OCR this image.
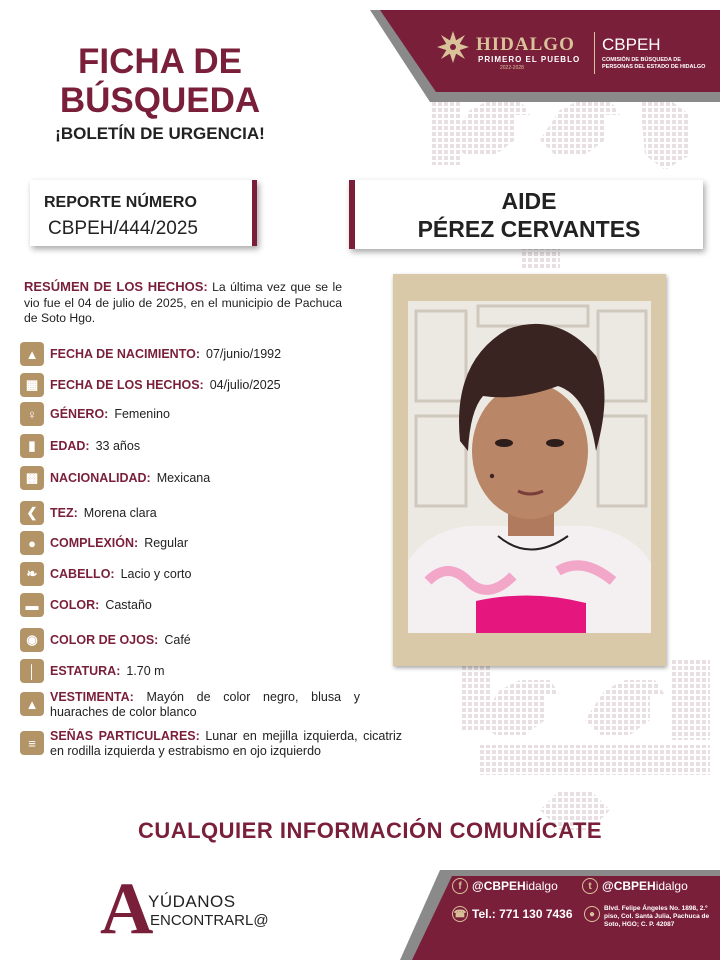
HIDALGO
PRIMERO EL PUEBLO
2022-2028
CBPEH
COMISIÓN DE BÚSQUEDA DE PERSONAS DEL ESTADO DE HIDALGO
FICHA DE
BÚSQUEDA
¡BOLETÍN DE URGENCIA!
REPORTE NÚMERO
CBPEH/444/2025
AIDE
PÉREZ CERVANTES
RESÚMEN DE LOS HECHOS: La última vez que se le vio fue el 04 de julio de 2025, en el municipio de Pachuca de Soto Hgo.
▲ FECHA DE NACIMIENTO: 07/junio/1992
▦ FECHA DE LOS HECHOS: 04/julio/2025
♀	GÉNERO: Femenino
▮	EDAD: 33 años
▩ NACIONALIDAD: Mexicana
❮	TEZ: Morena clara
●	COMPLEXIÓN: Regular
❧	CABELLO: Lacio y corto
▬ COLOR: Castaño
◉ COLOR DE OJOS: Café
│	ESTATURA: 1.70 m
▲ VESTIMENTA: Mayón de color negro, blusa y huaraches de color blanco
≡	SEÑAS PARTICULARES: Lunar en mejilla izquierda, cicatriz en rodilla izquierda y estrabismo en ojo izquierdo
CUALQUIER INFORMACIÓN COMUNÍCATE
A
YÚDANOS
ENCONTRARL@
f @CBPEHidalgo	t @CBPEHidalgo
☎ Tel.: 771 130 7436	●	Blvd. Felipe Ángeles No. 1898, 2.º piso, Col. Santa Julia, Pachuca de Soto, HGO; C. P. 42087
